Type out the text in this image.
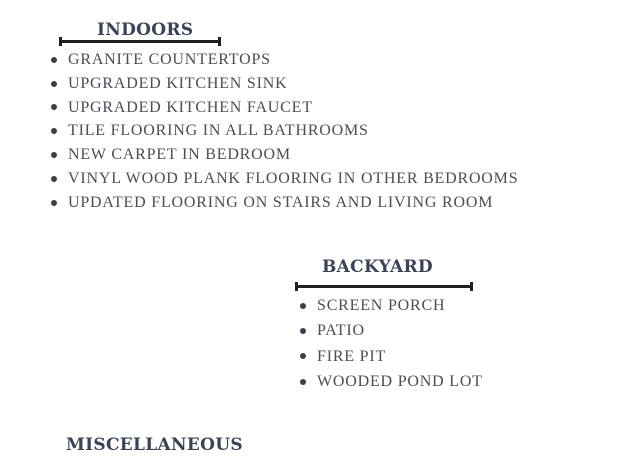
INDOORS
GRANITE COUNTERTOPS
UPGRADED KITCHEN SINK
UPGRADED KITCHEN FAUCET
TILE FLOORING IN ALL BATHROOMS
NEW CARPET IN BEDROOM
VINYL WOOD PLANK FLOORING IN OTHER BEDROOMS
UPDATED FLOORING ON STAIRS AND LIVING ROOM
BACKYARD
SCREEN PORCH
PATIO
FIRE PIT
WOODED POND LOT
MISCELLANEOUS
